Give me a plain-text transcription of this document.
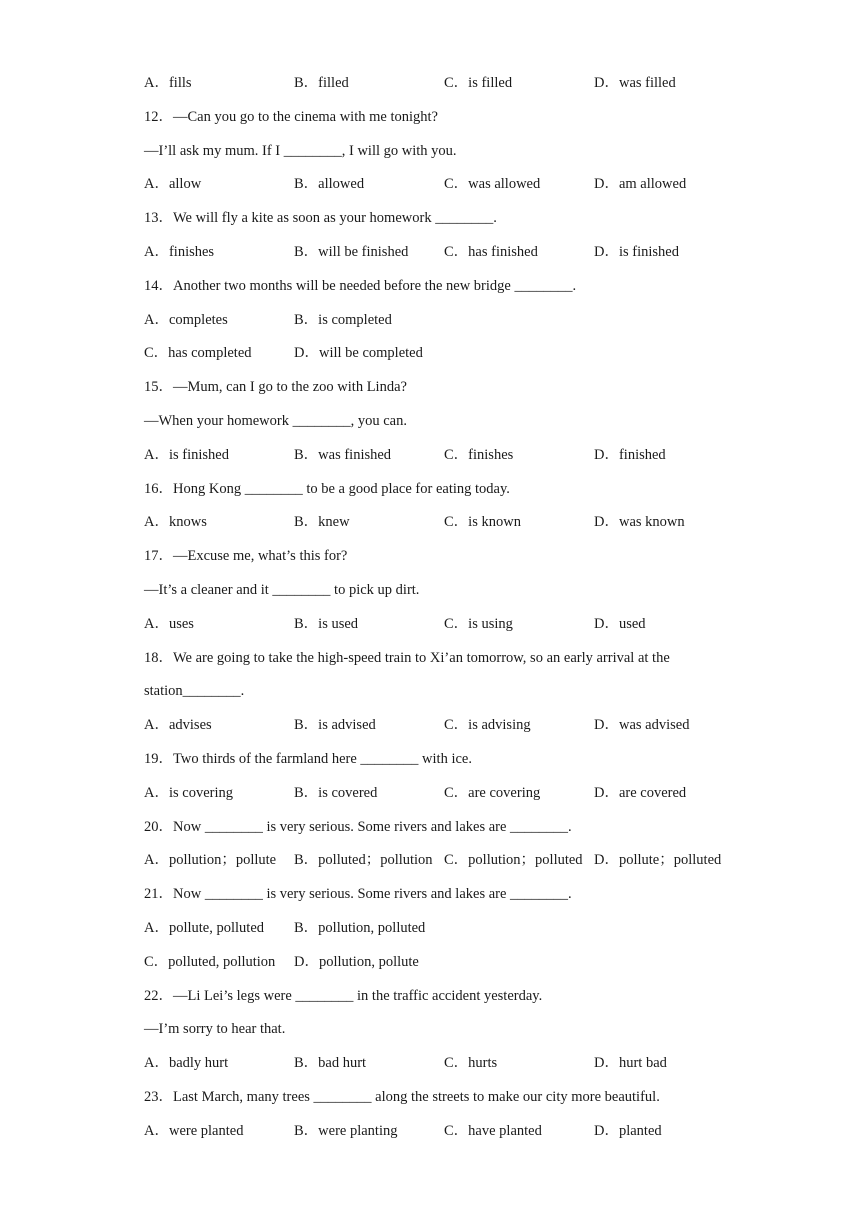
A．fills	B．filled	C．is filled	D．was filled
12．—Can you go to the cinema with me tonight?
—I’ll ask my mum. If I ________, I will go with you.
A．allow	B．allowed	C．was allowed	D．am allowed
13．We will fly a kite as soon as your homework ________.
A．finishes	B．will be finished C．has finished	D．is finished
14．Another two months will be needed before the new bridge ________.
A．completes	B．is completed
C．has completed	D．will be completed
15．—Mum, can I go to the zoo with Linda?
—When your homework ________, you can.
A．is finished	B．was finished	C．finishes	D．finished
16．Hong Kong ________ to be a good place for eating today.
A．knows	B．knew	C．is known	D．was known
17．—Excuse me, what’s this for?
—It’s a cleaner and it ________ to pick up dirt.
A．uses	B．is used	C．is using	D．used
18．We are going to take the high-speed train to Xi’an tomorrow, so an early arrival at the
station________.
A．advises	B．is advised	C．is advising	D．was advised
19．Two thirds of the farmland here ________ with ice.
A．is covering	B．is covered	C．are covering	D．are covered
20．Now ________ is very serious. Some rivers and lakes are ________.
A．pollution；pollute B．polluted；pollution C．pollution；polluted D．pollute；polluted
21．Now ________ is very serious. Some rivers and lakes are ________.
A．pollute, polluted B．pollution, polluted
C．polluted, pollution D．pollution, pollute
22．—Li Lei’s legs were ________ in the traffic accident yesterday.
—I’m sorry to hear that.
A．badly hurt	B．bad hurt	C．hurts	D．hurt bad
23．Last March, many trees ________ along the streets to make our city more beautiful.
A．were planted	B．were planting	C．have planted	D．planted
